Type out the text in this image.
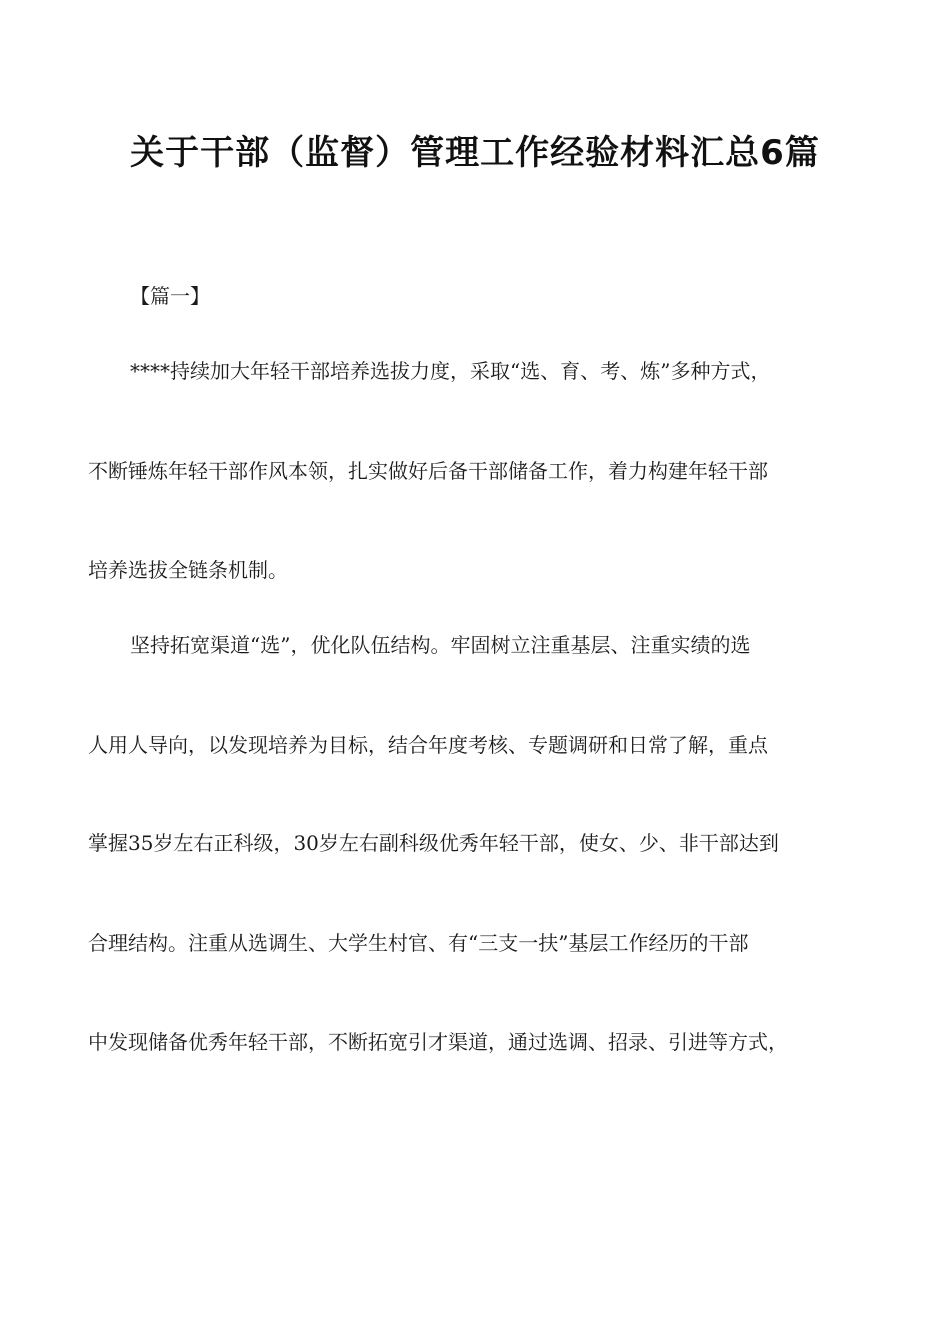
关于干部（监督）管理工作经验材料汇总6篇

【篇一】

****持续加大年轻干部培养选拔力度，采取“选、育、考、炼”多种方式，

不断锤炼年轻干部作风本领，扎实做好后备干部储备工作，着力构建年轻干部

培养选拔全链条机制。

坚持拓宽渠道“选”，优化队伍结构。牢固树立注重基层、注重实绩的选

人用人导向，以发现培养为目标，结合年度考核、专题调研和日常了解，重点

掌握35岁左右正科级，30岁左右副科级优秀年轻干部，使女、少、非干部达到

合理结构。注重从选调生、大学生村官、有“三支一扶”基层工作经历的干部

中发现储备优秀年轻干部，不断拓宽引才渠道，通过选调、招录、引进等方式，
